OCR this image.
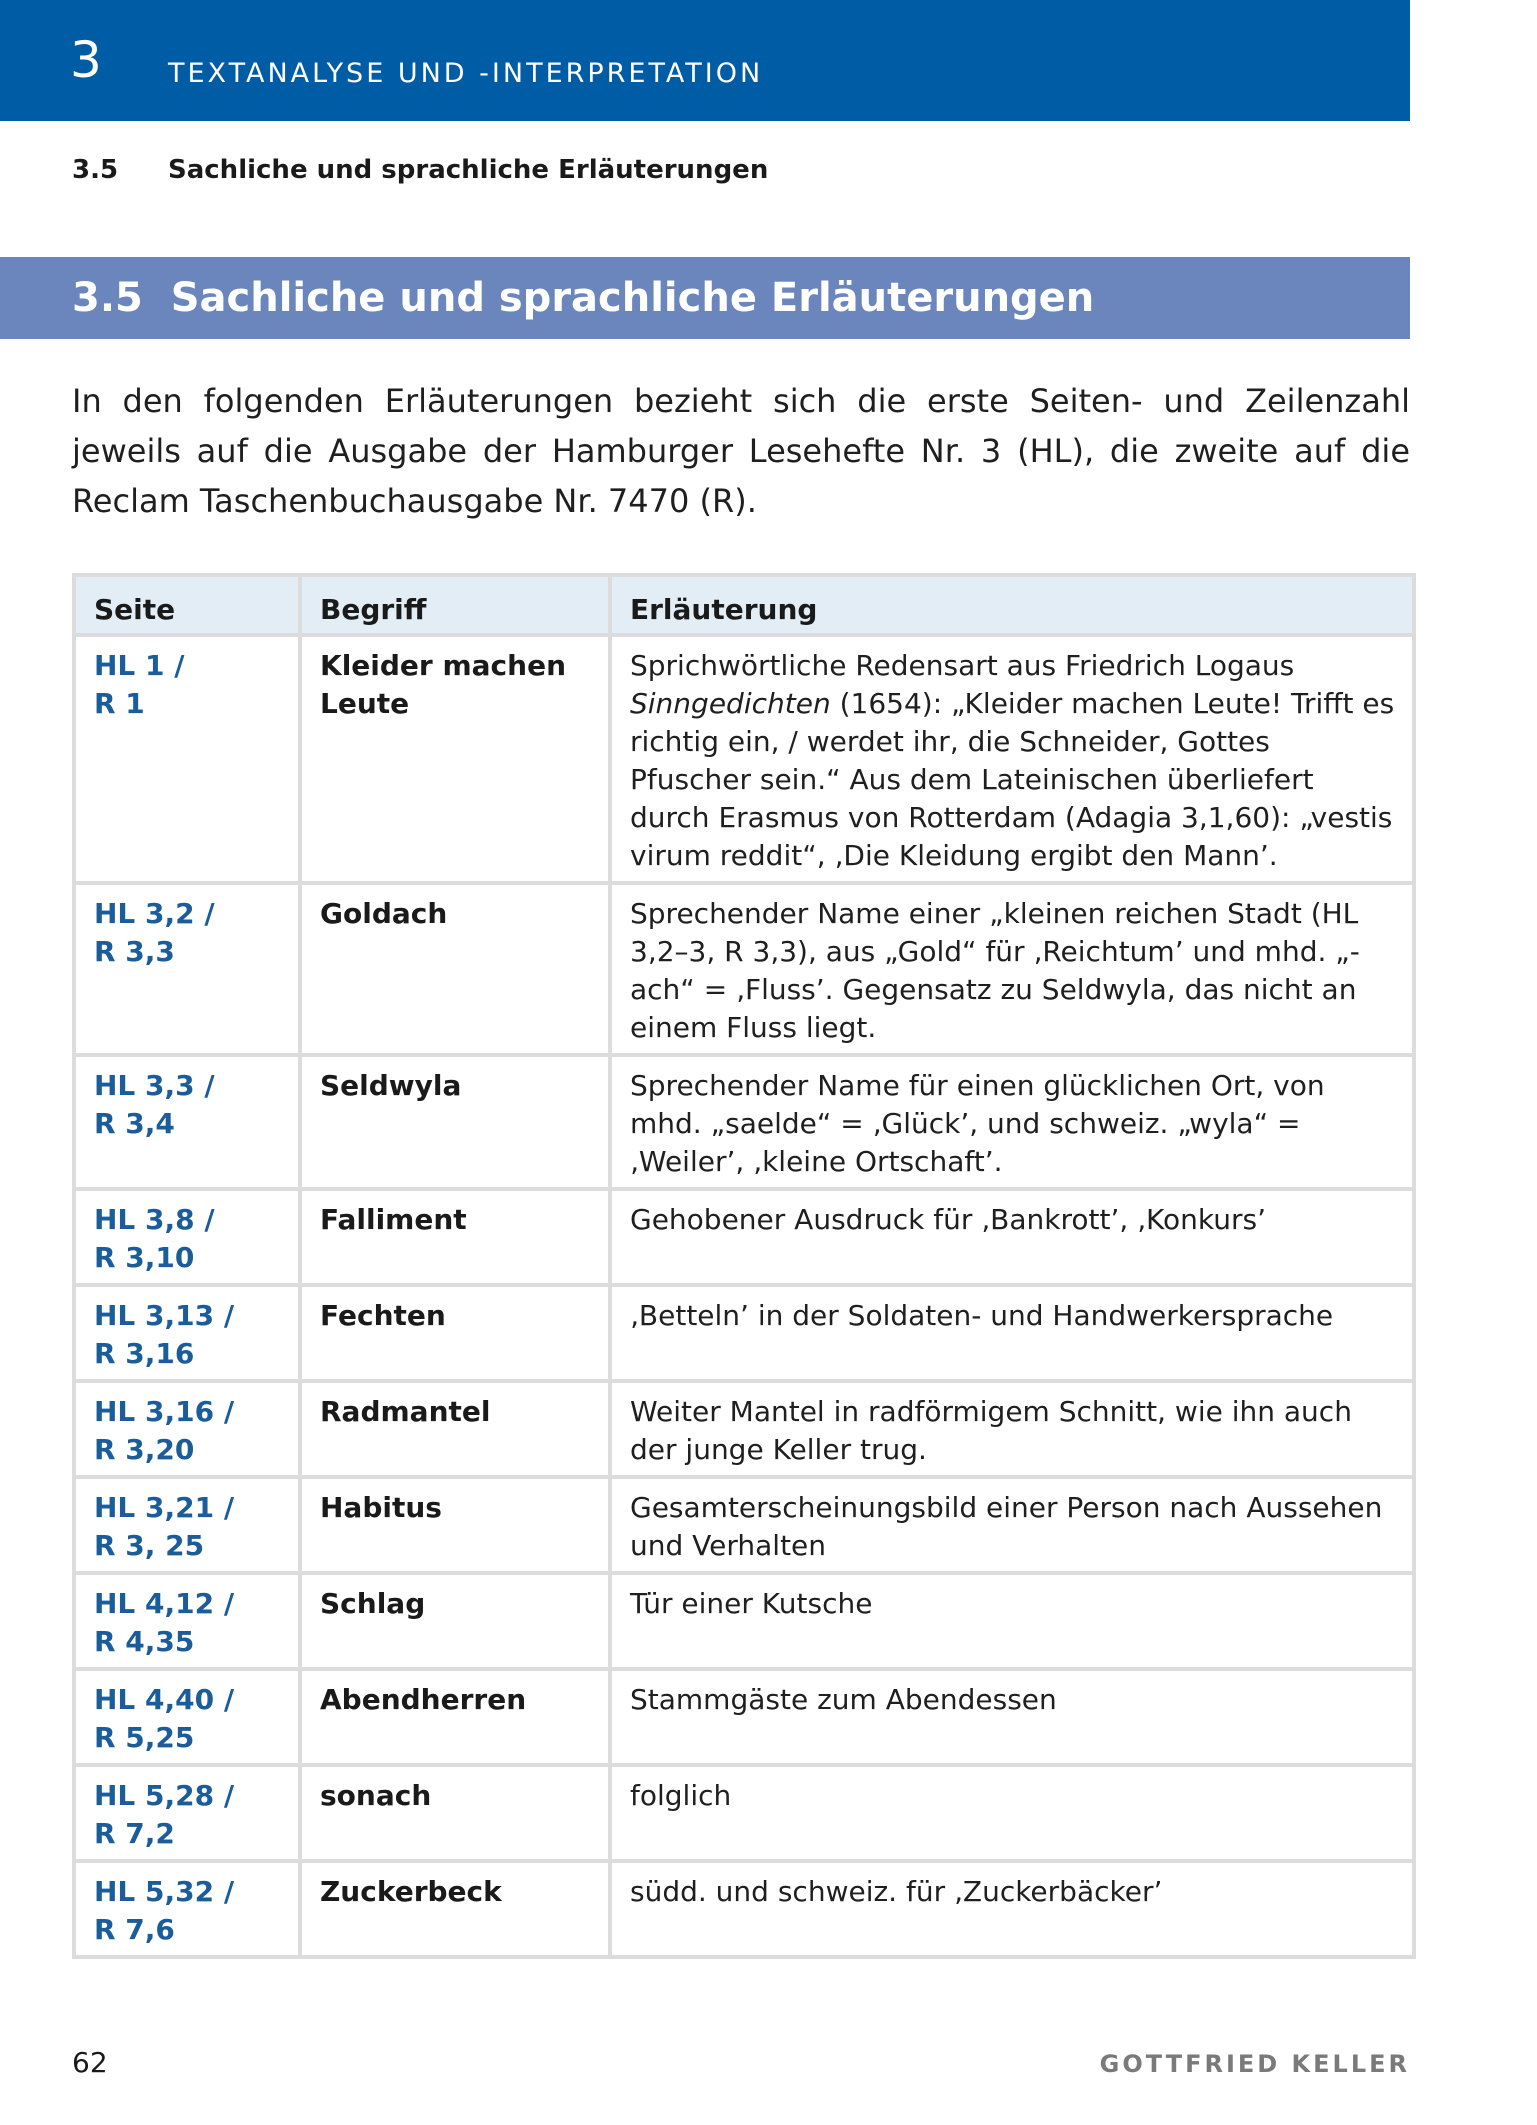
3 TEXTANALYSE UND -INTERPRETATION
3.5 Sachliche und sprachliche Erläuterungen
3.5  Sachliche und sprachliche Erläuterungen

In den folgenden Erläuterungen bezieht sich die erste Seiten- und Zeilenzahl jeweils auf die Ausgabe der Hamburger Lesehefte Nr. 3 (HL), die zweite auf die Reclam Taschenbuchausgabe Nr. 7470 (R).

Seite	Begriff	Erläuterung

HL 1 /
R 1	Kleider machen Leute	Sprichwörtliche Redensart aus Friedrich Logaus Sinngedichten (1654): „Kleider machen Leute! Trifft es richtig ein, / werdet ihr, die Schneider, Gottes Pfuscher sein.“ Aus dem Lateinischen überliefert durch Erasmus von Rotterdam (Adagia 3,1,60): „vestis virum reddit“, ‚Die Kleidung ergibt den Mann’.

HL 3,2 /
R 3,3	Goldach	Sprechender Name einer „kleinen reichen Stadt (HL 3,2–3, R 3,3), aus „Gold“ für ‚Reichtum’ und mhd. „-ach“ = ‚Fluss’. Gegensatz zu Seldwyla, das nicht an einem Fluss liegt.

HL 3,3 /
R 3,4	Seldwyla	Sprechender Name für einen glücklichen Ort, von mhd. „saelde“ = ‚Glück’, und schweiz. „wyla“ = ‚Weiler’, ‚kleine Ortschaft’.

HL 3,8 /
R 3,10	Falliment	Gehobener Ausdruck für ‚Bankrott’, ‚Konkurs’

HL 3,13 /
R 3,16	Fechten	‚Betteln’ in der Soldaten- und Handwerkersprache

HL 3,16 /
R 3,20	Radmantel	Weiter Mantel in radförmigem Schnitt, wie ihn auch der junge Keller trug.

HL 3,21 /
R 3, 25	Habitus	Gesamterscheinungsbild einer Person nach Aussehen und Verhalten

HL 4,12 /
R 4,35	Schlag	Tür einer Kutsche

HL 4,40 /
R 5,25	Abendherren	Stammgäste zum Abendessen

HL 5,28 /
R 7,2	sonach	folglich

HL 5,32 /
R 7,6	Zuckerbeck	südd. und schweiz. für ‚Zuckerbäcker’
62	GOTTFRIED KELLER
